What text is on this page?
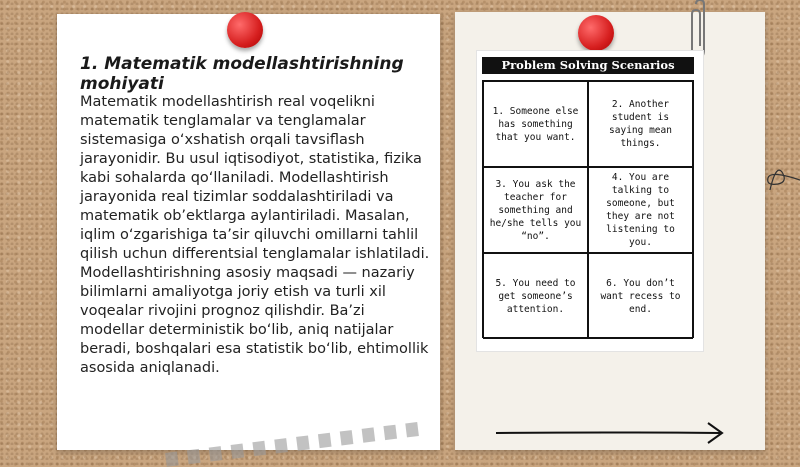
1. Matematik modellashtirishning mohiyati

Matematik modellashtirish real voqelikni matematik tenglamalar va tenglamalar sistemasiga o‘xshatish orqali tavsiflash jarayonidir. Bu usul iqtisodiyot, statistika, fizika kabi sohalarda qo‘llaniladi. Modellashtirish jarayonida real tizimlar soddalashtiriladi va matematik ob’ektlarga aylantiriladi. Masalan, iqlim o‘zgarishiga ta’sir qiluvchi omillarni tahlil qilish uchun differentsial tenglamalar ishlatiladi. Modellashtirishning asosiy maqsadi — nazariy bilimlarni amaliyotga joriy etish va turli xil voqealar rivojini prognoz qilishdir. Ba’zi modellar deterministik bo‘lib, aniq natijalar beradi, boshqalari esa statistik bo‘lib, ehtimollik asosida aniqlanadi.

Problem Solving Scenarios
1. Someone else has something that you want.
2. Another student is saying mean things.
3. You ask the teacher for something and he/she tells you “no”.
4. You are talking to someone, but they are not listening to you.
5. You need to get someone’s attention.
6. You don’t want recess to end.
